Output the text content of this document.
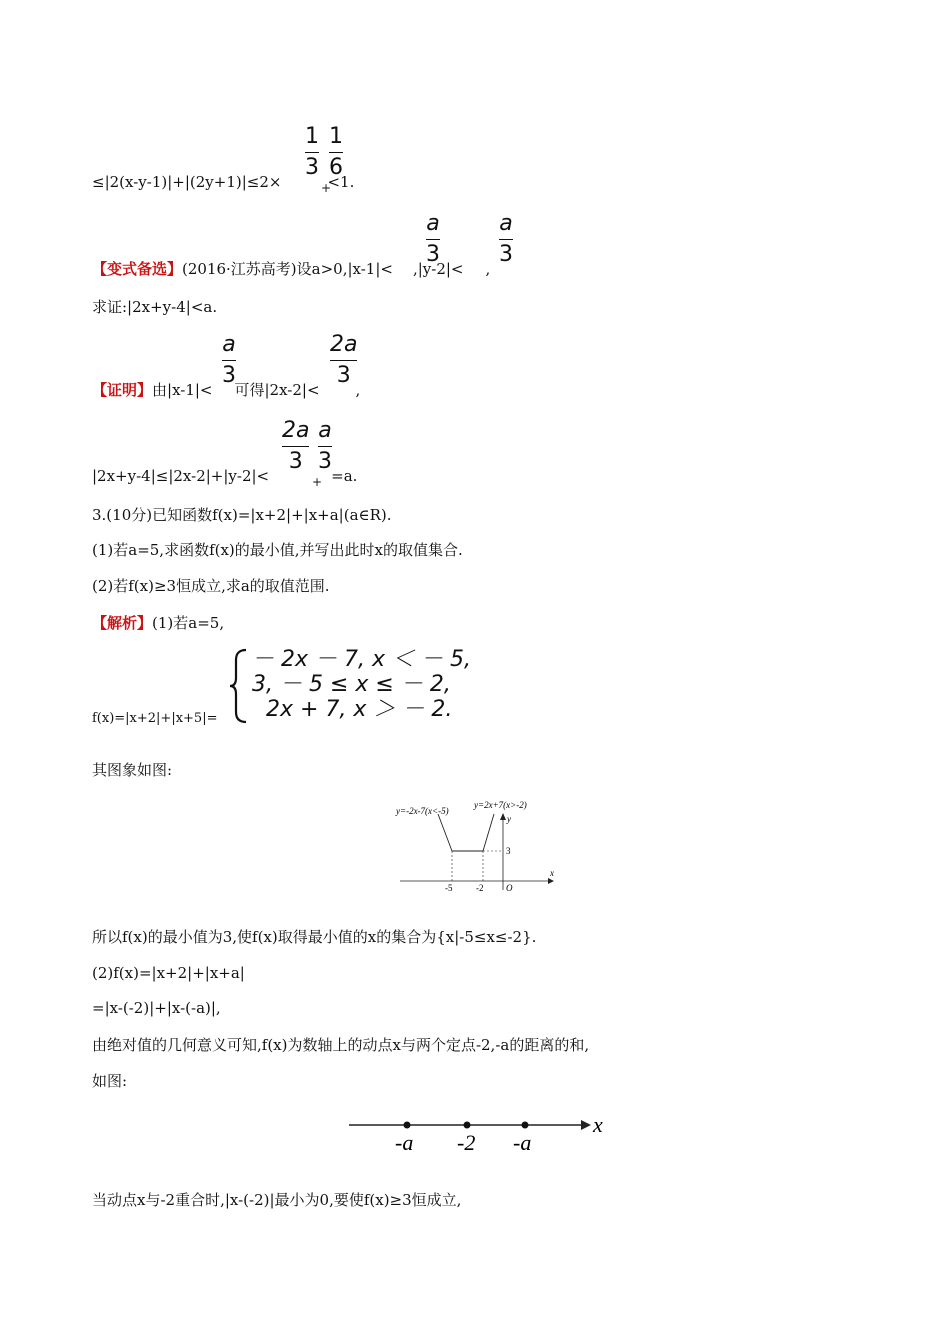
≤|2(x-y-1)|+|(2y+1)|≤2×	<1.
1
3
+
1
6
【变式备选】(2016·江苏高考)设a>0,|x-1|< ,|y-2|< ,
a
3
a
3
求证:|2x+y-4|<a.
【证明】由|x-1|< 可得|2x-2|< ,
a
3
2a
3
|2x+y-4|≤|2x-2|+|y-2|<	=a.
2a
3
+
a
3
3.(10分)已知函数f(x)=|x+2|+|x+a|(a∈R).
(1)若a=5,求函数f(x)的最小值,并写出此时x的取值集合.
(2)若f(x)≥3恒成立,求a的取值范围.
【解析】(1)若a=5,
f(x)=|x+2|+|x+5|=
－ 2x － 7, x ＜ － 5,
3, － 5 ≤ x ≤ － 2,
2x + 7, x ＞ － 2.
其图象如图:
y=-2x-7(x<-5)
y=2x+7(x>-2)
y
x
O
3
-5	-2
所以f(x)的最小值为3,使f(x)取得最小值的x的集合为{x|-5≤x≤-2}.
(2)f(x)=|x+2|+|x+a|
=|x-(-2)|+|x-(-a)|,
由绝对值的几何意义可知,f(x)为数轴上的动点x与两个定点-2,-a的距离的和,
如图:
-a -2 -a
x
当动点x与-2重合时,|x-(-2)|最小为0,要使f(x)≥3恒成立,
